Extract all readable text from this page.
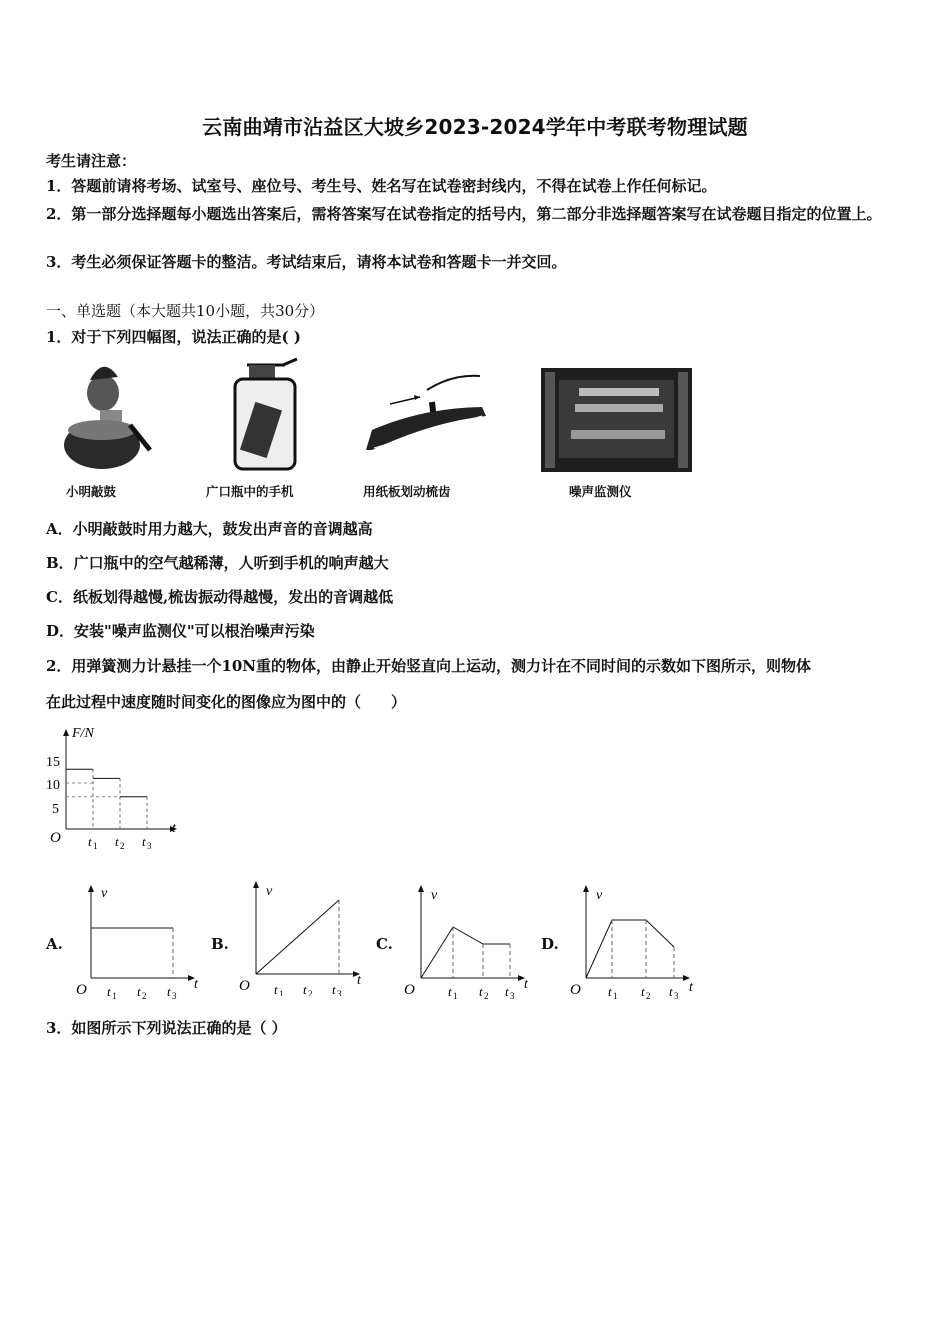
云南曲靖市沾益区大坡乡2023-2024学年中考联考物理试题
考生请注意：
1．答题前请将考场、试室号、座位号、考生号、姓名写在试卷密封线内，不得在试卷上作任何标记。
2．第一部分选择题每小题选出答案后，需将答案写在试卷指定的括号内，第二部分非选择题答案写在试卷题目指定的位置上。
3．考生必须保证答题卡的整洁。考试结束后，请将本试卷和答题卡一并交回。
一、单选题（本大题共10小题，共30分）
1．对于下列四幅图，说法正确的是( )
小明敲鼓	广口瓶中的手机	用纸板划动梳齿	噪声监测仪
A．小明敲鼓时用力越大，鼓发出声音的音调越高
B．广口瓶中的空气越稀薄，人听到手机的响声越大
C．纸板划得越慢,梳齿振动得越慢，发出的音调越低
D．安装"噪声监测仪"可以根治噪声污染
2．用弹簧测力计悬挂一个10N重的物体，由静止开始竖直向上运动，测力计在不同时间的示数如下图所示，则物体
在此过程中速度随时间变化的图像应为图中的（　　）
F/N
15
10
5
O
t
t 1 t 2 t 3
A.
v
O	t
t 1 t 2 t 3
B.
v
O	t
t 1 t 2 t 3
C.
v
O	t
t 1 t 2 t 3
D.
v
O	t
t 1 t 2 t 3
3．如图所示下列说法正确的是（ ）
